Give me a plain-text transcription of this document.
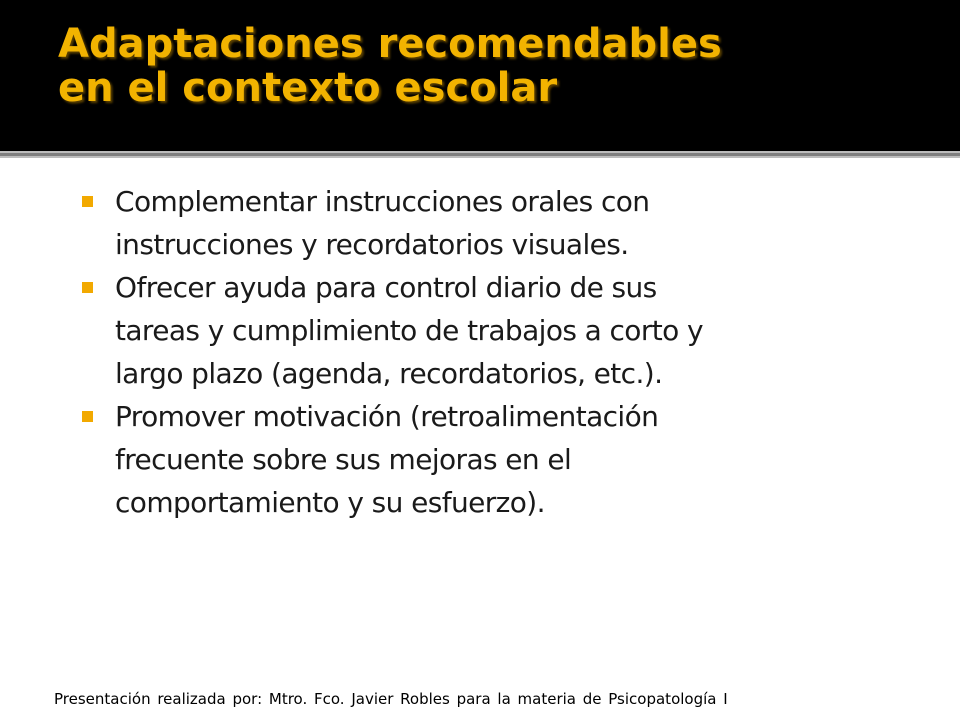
Adaptaciones recomendables
en el contexto escolar
Complementar instrucciones orales con
instrucciones y recordatorios visuales.
Ofrecer ayuda para control diario de sus
tareas y cumplimiento de trabajos a corto y
largo plazo (agenda, recordatorios, etc.).
Promover motivación (retroalimentación
frecuente sobre sus mejoras en el
comportamiento y su esfuerzo).
Presentación realizada por: Mtro. Fco. Javier Robles para la materia de Psicopatología I
